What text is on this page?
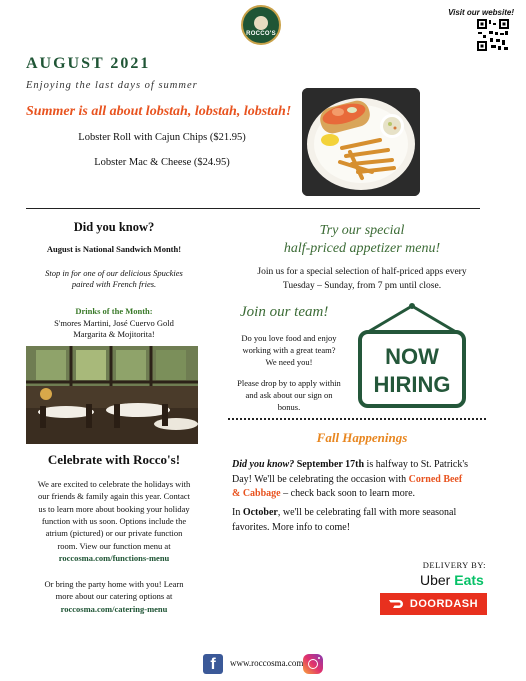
ROCCO'S
Visit our website!
AUGUST 2021
Enjoying the last days of summer
Summer is all about lobstah, lobstah, lobstah!
Lobster Roll with Cajun Chips ($21.95)
Lobster Mac & Cheese ($24.95)
Did you know?
August is National Sandwich Month!
Stop in for one of our delicious Spuckies
paired with French fries.
Drinks of the Month:
S'mores Martini, José Cuervo Gold
Margarita & Mojitorita!
Celebrate with Rocco's!
We are excited to celebrate the holidays with
our friends & family again this year. Contact
us to learn more about booking your holiday
function with us soon. Options include the
atrium (pictured) or our private function
room. View our function menu at
roccosma.com/functions-menu
Or bring the party home with you! Learn
more about our catering options at
roccosma.com/catering-menu
Try our special
half-priced appetizer menu!
Join us for a special selection of half-priced apps every
Tuesday – Sunday, from 7 pm until close.
Join our team!
Do you love food and enjoy
working with a great team?
We need you!
Please drop by to apply within
and ask about our sign on
bonus.
NOW
HIRING
Fall Happenings
Did you know? September 17th is halfway to St. Patrick's
Day! We'll be celebrating the occasion with Corned Beef
& Cabbage – check back soon to learn more.
In October, we'll be celebrating fall with more seasonal
favorites. More info to come!
DELIVERY BY:
Uber Eats
DOORDASH
f www.roccosma.com
